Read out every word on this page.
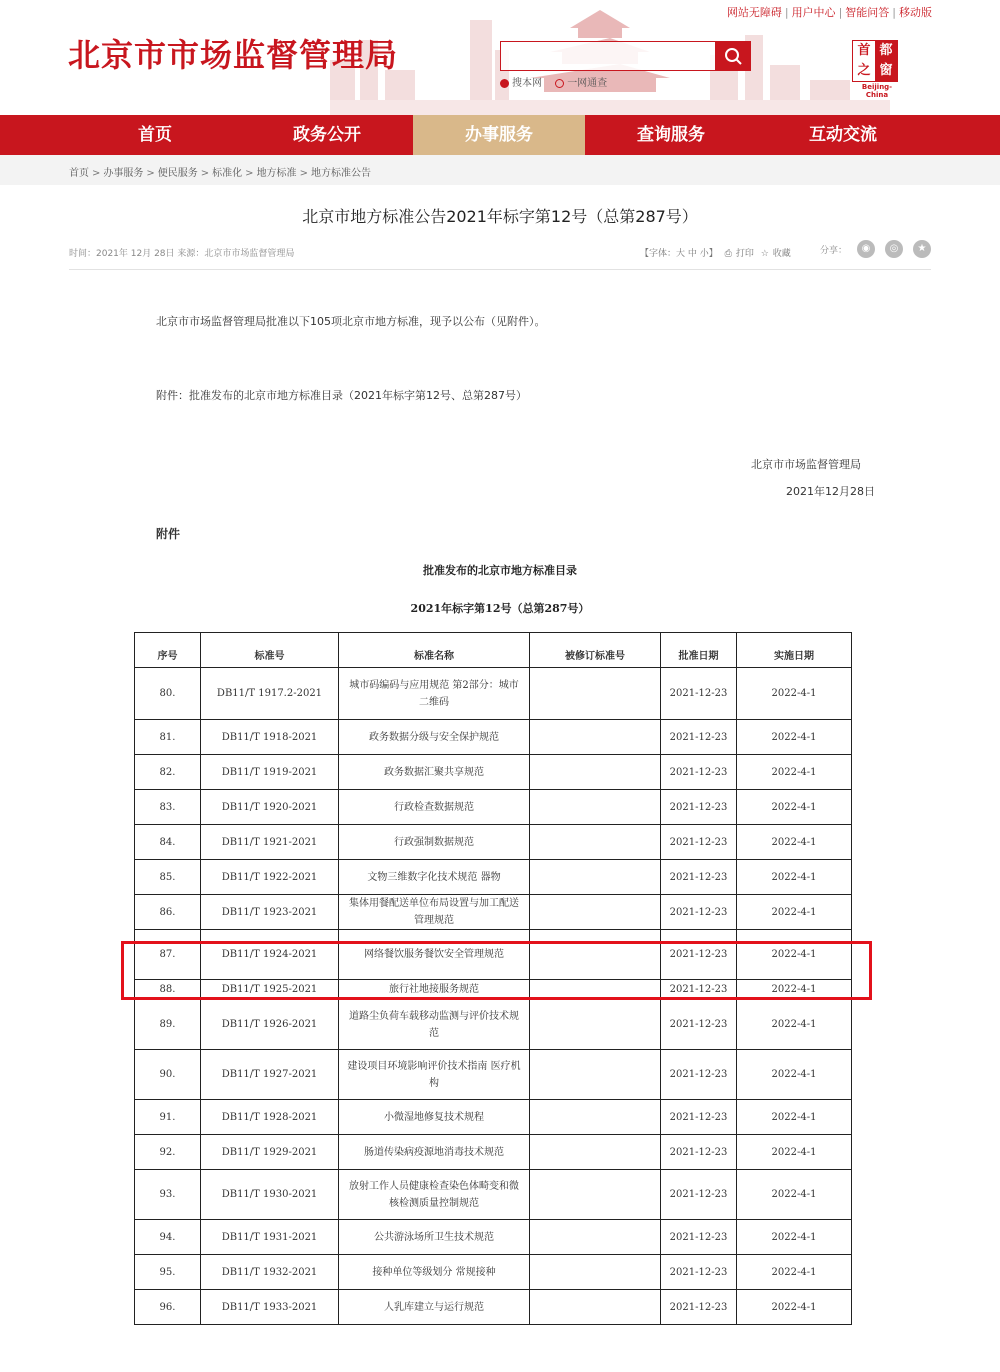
北京市市场监督管理局
网站无障碍 | 用户中心 | 智能问答 | 移动版
搜本网	一网通查
首 都
之 窗
Beijing-China
首页	政务公开	办事服务	查询服务	互动交流
首页 > 办事服务 > 便民服务 > 标准化 > 地方标准 > 地方标准公告
北京市地方标准公告2021年标字第12号（总第287号）
时间：2021年 12月 28日 来源：北京市市场监督管理局	【字体：大 中 小】 ⎙ 打印 ☆ 收藏	分享：	◉	◎	★
北京市市场监督管理局批准以下105项北京市地方标准，现予以公布（见附件）。
附件：批准发布的北京市地方标准目录（2021年标字第12号、总第287号）
北京市市场监督管理局
2021年12月28日
附件
批准发布的北京市地方标准目录
2021年标字第12号（总第287号）
序号	标准号	标准名称	被修订标准号	批准日期	实施日期
80.	DB11/T 1917.2-2021	城市码编码与应用规范 第2部分：城市二维码		2021-12-23	2022-4-1
81.	DB11/T 1918-2021	政务数据分级与安全保护规范		2021-12-23	2022-4-1
82.	DB11/T 1919-2021	政务数据汇聚共享规范		2021-12-23	2022-4-1
83.	DB11/T 1920-2021	行政检查数据规范		2021-12-23	2022-4-1
84.	DB11/T 1921-2021	行政强制数据规范		2021-12-23	2022-4-1
85.	DB11/T 1922-2021	文物三维数字化技术规范 器物		2021-12-23	2022-4-1
86.	DB11/T 1923-2021	集体用餐配送单位布局设置与加工配送管理规范		2021-12-23	2022-4-1
87.	DB11/T 1924-2021	网络餐饮服务餐饮安全管理规范		2021-12-23	2022-4-1
88.	DB11/T 1925-2021	旅行社地接服务规范		2021-12-23	2022-4-1
89.	DB11/T 1926-2021	道路尘负荷车载移动监测与评价技术规范		2021-12-23	2022-4-1
90.	DB11/T 1927-2021	建设项目环境影响评价技术指南 医疗机构		2021-12-23	2022-4-1
91.	DB11/T 1928-2021	小微湿地修复技术规程		2021-12-23	2022-4-1
92.	DB11/T 1929-2021	肠道传染病疫源地消毒技术规范		2021-12-23	2022-4-1
93.	DB11/T 1930-2021	放射工作人员健康检查染色体畸变和微核检测质量控制规范		2021-12-23	2022-4-1
94.	DB11/T 1931-2021	公共游泳场所卫生技术规范		2021-12-23	2022-4-1
95.	DB11/T 1932-2021	接种单位等级划分 常规接种		2021-12-23	2022-4-1
96.	DB11/T 1933-2021	人乳库建立与运行规范		2021-12-23	2022-4-1
